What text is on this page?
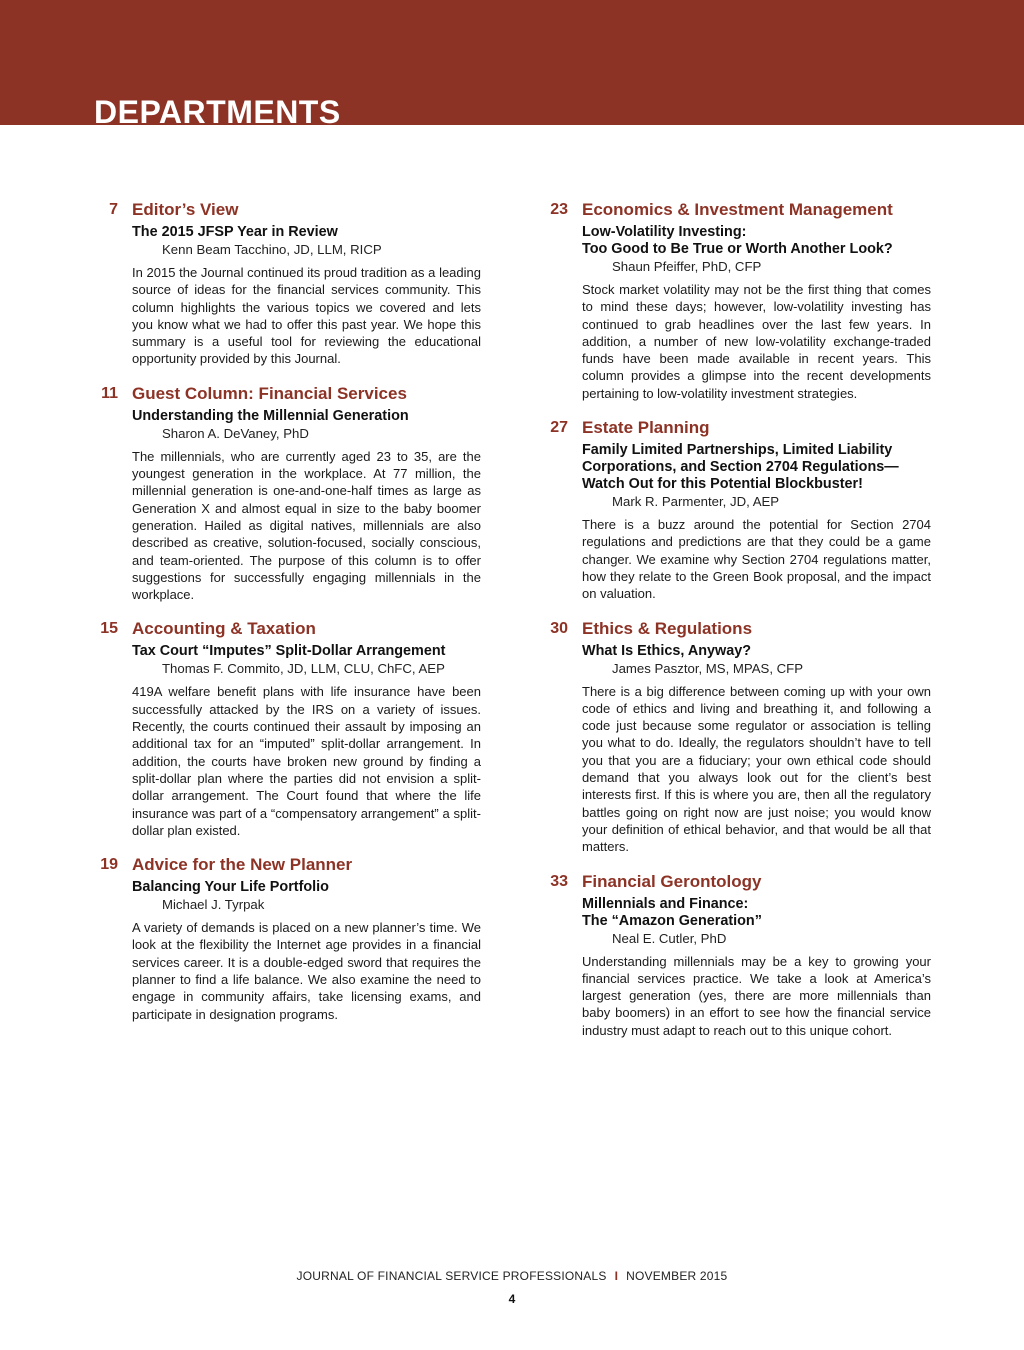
DEPARTMENTS
7 Editor’s View
The 2015 JFSP Year in Review
Kenn Beam Tacchino, JD, LLM, RICP

In 2015 the Journal continued its proud tradition as a leading source of ideas for the financial services community. This column highlights the various topics we covered and lets you know what we had to offer this past year. We hope this summary is a useful tool for reviewing the educational opportunity provided by this Journal.

11 Guest Column: Financial Services
Understanding the Millennial Generation
Sharon A. DeVaney, PhD

The millennials, who are currently aged 23 to 35, are the youngest generation in the workplace. At 77 million, the millennial generation is one-and-one-half times as large as Generation X and almost equal in size to the baby boomer generation. Hailed as digital natives, millennials are also described as creative, solution-focused, socially conscious, and team-oriented. The purpose of this column is to offer suggestions for successfully engaging millennials in the workplace.

15 Accounting & Taxation
Tax Court “Imputes” Split-Dollar Arrangement
Thomas F. Commito, JD, LLM, CLU, ChFC, AEP

419A welfare benefit plans with life insurance have been successfully attacked by the IRS on a variety of issues. Recently, the courts continued their assault by imposing an additional tax for an “imputed” split-dollar arrangement. In addition, the courts have broken new ground by finding a split-dollar plan where the parties did not envision a split-dollar arrangement. The Court found that where the life insurance was part of a “compensatory arrangement” a split-dollar plan existed.

19 Advice for the New Planner
Balancing Your Life Portfolio
Michael J. Tyrpak

A variety of demands is placed on a new planner’s time. We look at the flexibility the Internet age provides in a financial services career. It is a double-edged sword that requires the planner to find a life balance. We also examine the need to engage in community affairs, take licensing exams, and participate in designation programs.

23 Economics & Investment Management
Low-Volatility Investing:
Too Good to Be True or Worth Another Look?
Shaun Pfeiffer, PhD, CFP

Stock market volatility may not be the first thing that comes to mind these days; however, low-volatility investing has continued to grab headlines over the last few years. In addition, a number of new low-volatility exchange-traded funds have been made available in recent years. This column provides a glimpse into the recent developments pertaining to low-volatility investment strategies.

27 Estate Planning
Family Limited Partnerships, Limited Liability Corporations, and Section 2704 Regulations—Watch Out for this Potential Blockbuster!
Mark R. Parmenter, JD, AEP

There is a buzz around the potential for Section 2704 regulations and predictions are that they could be a game changer. We examine why Section 2704 regulations matter, how they relate to the Green Book proposal, and the impact on valuation.

30 Ethics & Regulations
What Is Ethics, Anyway?
James Pasztor, MS, MPAS, CFP

There is a big difference between coming up with your own code of ethics and living and breathing it, and following a code just because some regulator or association is telling you what to do. Ideally, the regulators shouldn’t have to tell you that you are a fiduciary; your own ethical code should demand that you always look out for the client’s best interests first. If this is where you are, then all the regulatory battles going on right now are just noise; you would know your definition of ethical behavior, and that would be all that matters.

33 Financial Gerontology
Millennials and Finance:
The “Amazon Generation”
Neal E. Cutler, PhD

Understanding millennials may be a key to growing your financial services practice. We take a look at America’s largest generation (yes, there are more millennials than baby boomers) in an effort to see how the financial service industry must adapt to reach out to this unique cohort.

JOURNAL OF FINANCIAL SERVICE PROFESSIONALS I NOVEMBER 2015
4
